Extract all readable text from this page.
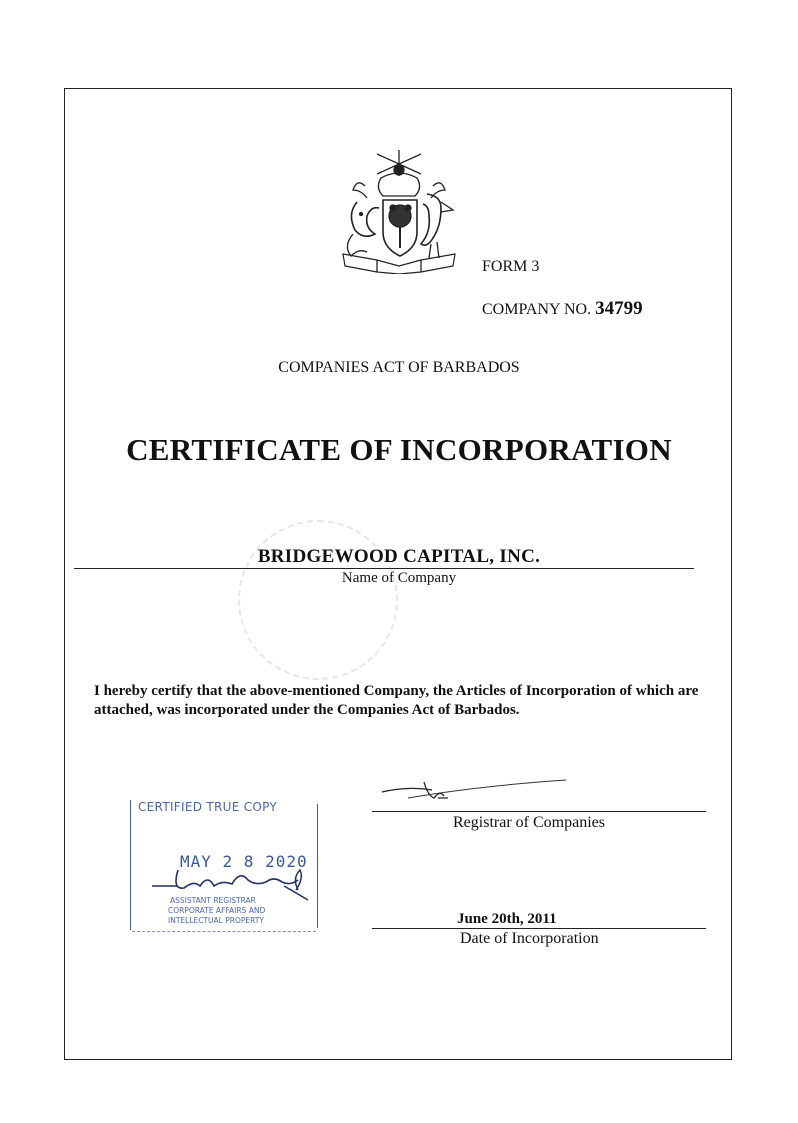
FORM 3
COMPANY NO. 34799
COMPANIES ACT OF BARBADOS
CERTIFICATE OF INCORPORATION
BRIDGEWOOD CAPITAL, INC.
Name of Company
I hereby certify that the above-mentioned Company, the Articles of Incorporation of which are attached, was incorporated under the Companies Act of Barbados.
Registrar of Companies
June 20th, 2011
Date of Incorporation
CERTIFIED TRUE COPY
MAY 2 8 2020
ASSISTANT REGISTRAR
CORPORATE AFFAIRS AND
INTELLECTUAL PROPERTY
